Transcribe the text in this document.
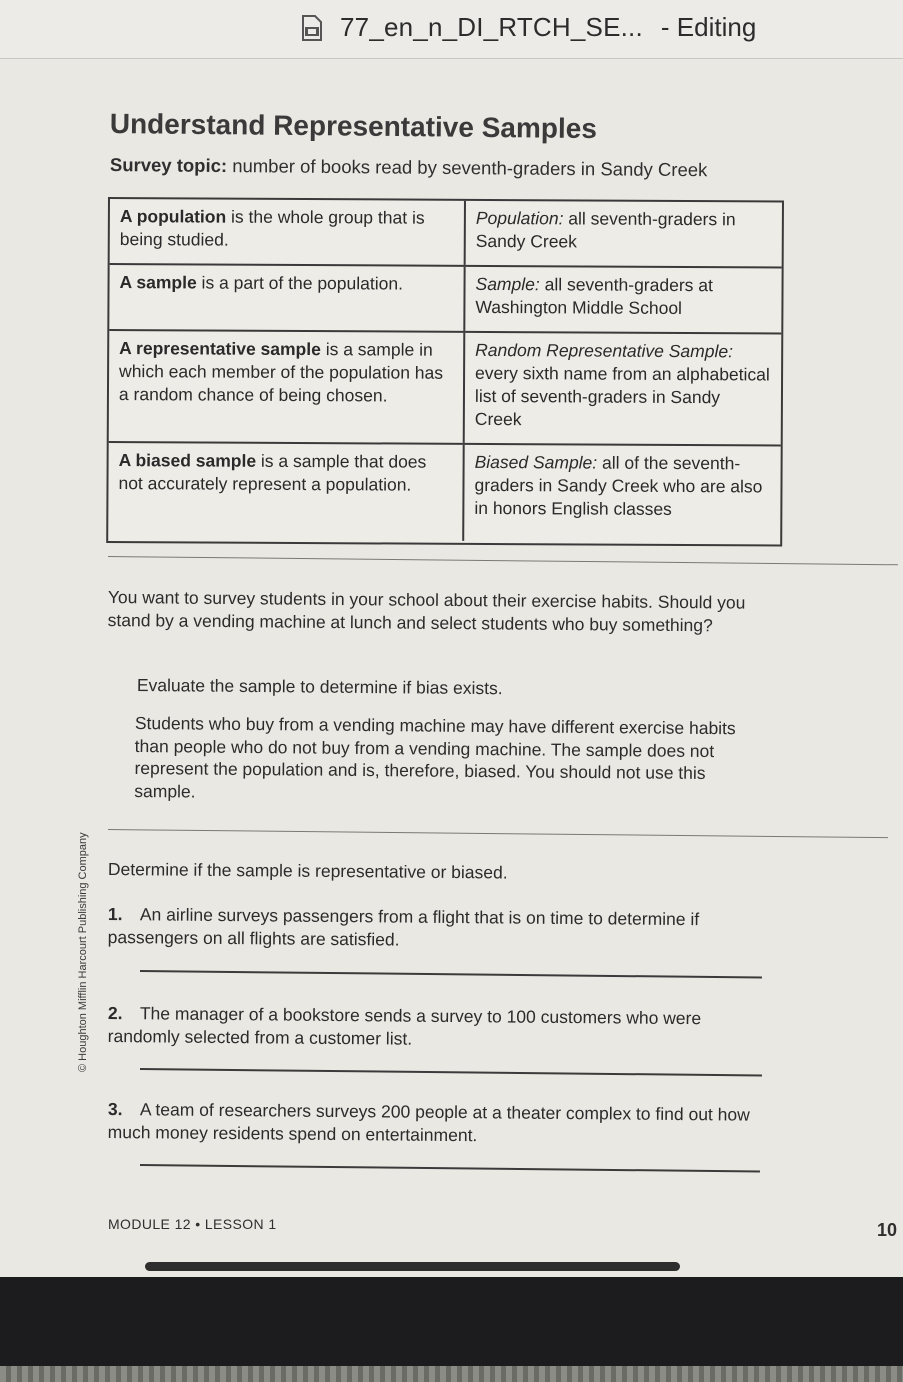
77_en_n_DI_RTCH_SE... - Editing
Understand Representative Samples
Survey topic: number of books read by seventh-graders in Sandy Creek
A population is the whole group that is being studied.
Population: all seventh-graders in Sandy Creek
A sample is a part of the population.	Sample: all seventh-graders at Washington Middle School
A representative sample is a sample in which each member of the population has a random chance of being chosen.
Random Representative Sample: every sixth name from an alphabetical list of seventh-graders in Sandy Creek
A biased sample is a sample that does not accurately represent a population.
Biased Sample: all of the seventh-graders in Sandy Creek who are also in honors English classes
You want to survey students in your school about their exercise habits. Should you stand by a vending machine at lunch and select students who buy something?
Evaluate the sample to determine if bias exists.
Students who buy from a vending machine may have different exercise habits than people who do not buy from a vending machine. The sample does not represent the population and is, therefore, biased. You should not use this sample.
© Houghton Mifflin Harcourt Publishing Company Determine if the sample is representative or biased.
1. An airline surveys passengers from a flight that is on time to determine if passengers on all flights are satisfied.
2. The manager of a bookstore sends a survey to 100 customers who were randomly selected from a customer list.
3. A team of researchers surveys 200 people at a theater complex to find out how much money residents spend on entertainment.
MODULE 12 • LESSON 1	10
